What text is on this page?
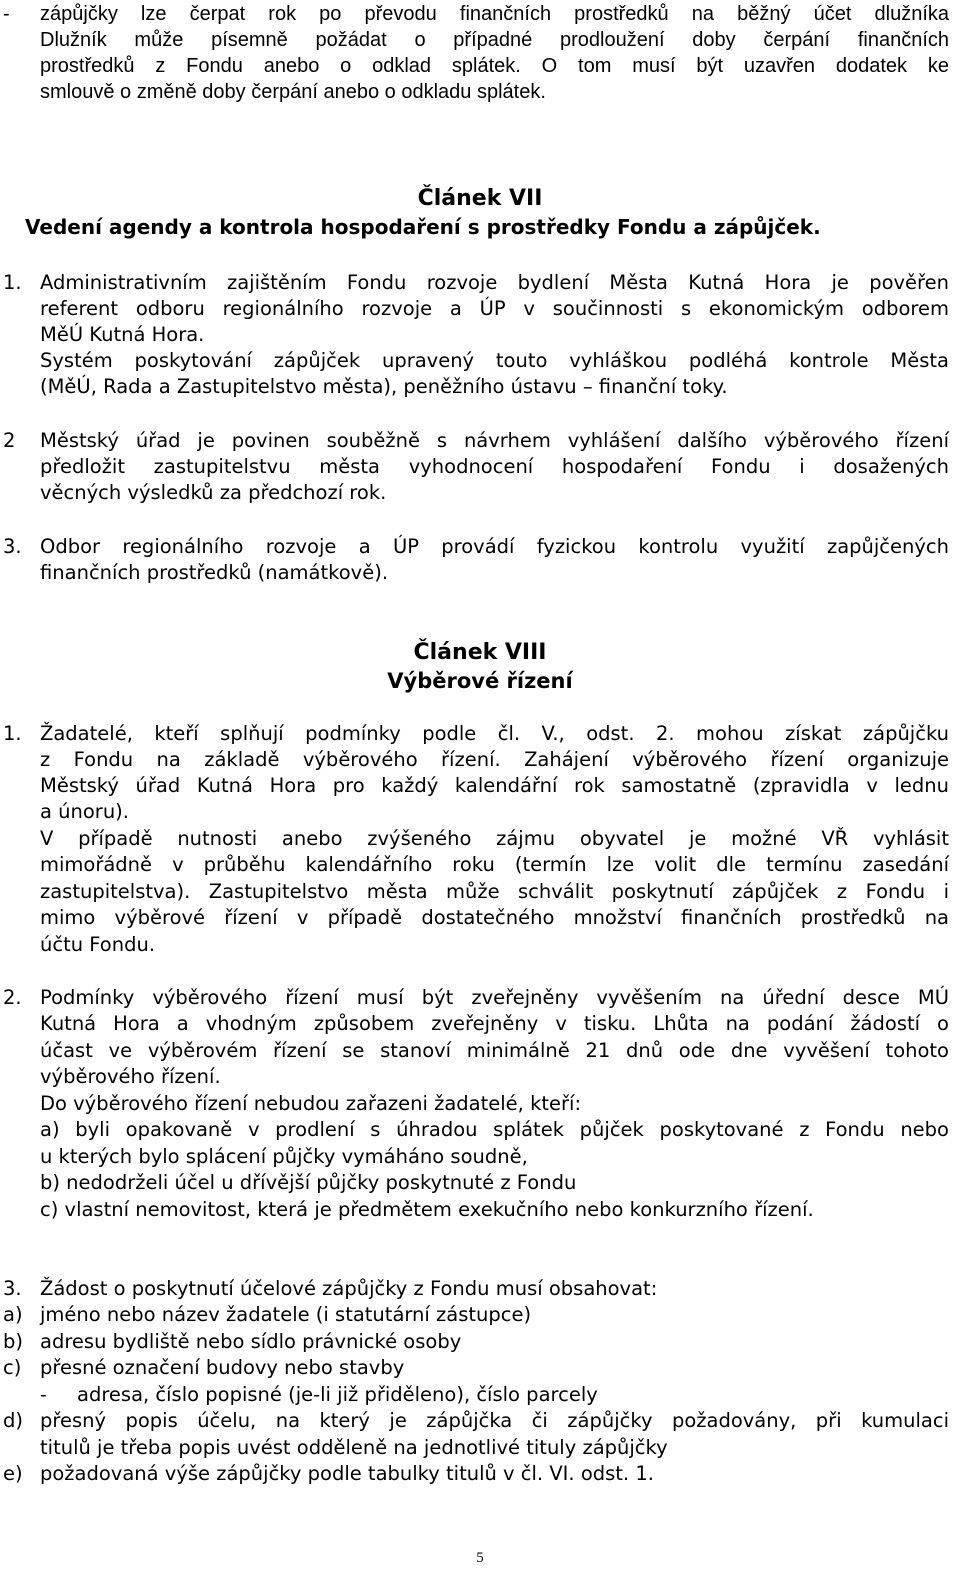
- zápůjčky lze čerpat rok po převodu finančních prostředků na běžný účet dlužníka
Dlužník může písemně požádat o případné prodloužení doby čerpání finančních
prostředků z Fondu anebo o odklad splátek. O tom musí být uzavřen dodatek ke
smlouvě o změně doby čerpání anebo o odkladu splátek.
Článek VII
Vedení agendy a kontrola hospodaření s prostředky Fondu a zápůjček.
1. Administrativním zajištěním Fondu rozvoje bydlení Města Kutná Hora je pověřen
referent odboru regionálního rozvoje a ÚP v součinnosti s ekonomickým odborem
MěÚ Kutná Hora.
Systém poskytování zápůjček upravený touto vyhláškou podléhá kontrole Města
(MěÚ, Rada a Zastupitelstvo města), peněžního ústavu – finanční toky.
2 Městský úřad je povinen souběžně s návrhem vyhlášení dalšího výběrového řízení
předložit zastupitelstvu města vyhodnocení hospodaření Fondu i dosažených
věcných výsledků za předchozí rok.
3. Odbor regionálního rozvoje a ÚP provádí fyzickou kontrolu využití zapůjčených
finančních prostředků (namátkově).
Článek VIII
Výběrové řízení
1. Žadatelé, kteří splňují podmínky podle čl. V., odst. 2. mohou získat zápůjčku
z Fondu na základě výběrového řízení. Zahájení výběrového řízení organizuje
Městský úřad Kutná Hora pro každý kalendářní rok samostatně (zpravidla v lednu
a únoru).
V případě nutnosti anebo zvýšeného zájmu obyvatel je možné VŘ vyhlásit
mimořádně v průběhu kalendářního roku (termín lze volit dle termínu zasedání
zastupitelstva). Zastupitelstvo města může schválit poskytnutí zápůjček z Fondu i
mimo výběrové řízení v případě dostatečného množství finančních prostředků na
účtu Fondu.
2. Podmínky výběrového řízení musí být zveřejněny vyvěšením na úřední desce MÚ
Kutná Hora a vhodným způsobem zveřejněny v tisku. Lhůta na podání žádostí o
účast ve výběrovém řízení se stanoví minimálně 21 dnů ode dne vyvěšení tohoto
výběrového řízení.
Do výběrového řízení nebudou zařazeni žadatelé, kteří:
a) byli opakovaně v prodlení s úhradou splátek půjček poskytované z Fondu nebo
u kterých bylo splácení půjčky vymáháno soudně,
b) nedodrželi účel u dřívější půjčky poskytnuté z Fondu
c) vlastní nemovitost, která je předmětem exekučního nebo konkurzního řízení.
3. Žádost o poskytnutí účelové zápůjčky z Fondu musí obsahovat:
a) jméno nebo název žadatele (i statutární zástupce)
b) adresu bydliště nebo sídlo právnické osoby
c) přesné označení budovy nebo stavby
- adresa, číslo popisné (je-li již přiděleno), číslo parcely
d) přesný popis účelu, na který je zápůjčka či zápůjčky požadovány, při kumulaci
titulů je třeba popis uvést odděleně na jednotlivé tituly zápůjčky
e) požadovaná výše zápůjčky podle tabulky titulů v čl. VI. odst. 1.
5
